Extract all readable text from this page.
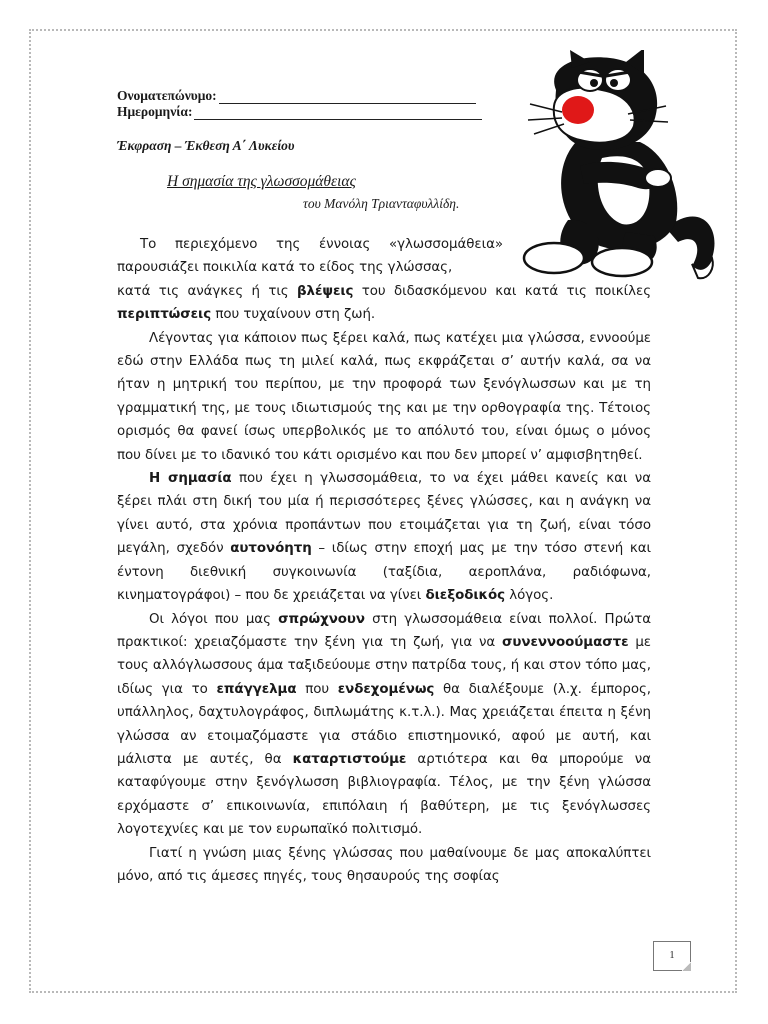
Ονοματεπώνυμο:
Ημερομηνία:
Έκφραση – Έκθεση Α΄ Λυκείου
Η σημασία της γλωσσομάθειας
του Μανόλη Τριανταφυλλίδη.

Το περιεχόμενο της έννοιας «γλωσσομάθεια» παρουσιάζει ποικιλία κατά το είδος της γλώσσας,

κατά τις ανάγκες ή τις βλέψεις του διδασκόμενου και κατά τις ποικίλες περιπτώσεις που τυχαίνουν στη ζωή.

Λέγοντας για κάποιον πως ξέρει καλά, πως κατέχει μια γλώσσα, εννοούμε εδώ στην Ελλάδα πως τη μιλεί καλά, πως εκφράζεται σ’ αυτήν καλά, σα να ήταν η μητρική του περίπου, με την προφορά των ξενόγλωσσων και με τη γραμματική της, με τους ιδιωτισμούς της και με την ορθογραφία της. Τέτοιος ορισμός θα φανεί ίσως υπερβολικός με το απόλυτό του, είναι όμως ο μόνος που δίνει με το ιδανικό του κάτι ορισμένο και που δεν μπορεί ν’ αμφισβητηθεί.

Η σημασία που έχει η γλωσσομάθεια, το να έχει μάθει κανείς και να ξέρει πλάι στη δική του μία ή περισσότερες ξένες γλώσσες, και η ανάγκη να γίνει αυτό, στα χρόνια προπάντων που ετοιμάζεται για τη ζωή, είναι τόσο μεγάλη, σχεδόν αυτονόητη – ιδίως στην εποχή μας με την τόσο στενή και έντονη διεθνική συγκοινωνία (ταξίδια, αεροπλάνα, ραδιόφωνα, κινηματογράφοι) – που δε χρειάζεται να γίνει διεξοδικός λόγος.

Οι λόγοι που μας σπρώχνουν στη γλωσσομάθεια είναι πολλοί. Πρώτα πρακτικοί: χρειαζόμαστε την ξένη για τη ζωή, για να συνεννοούμαστε με τους αλλόγλωσσους άμα ταξιδεύουμε στην πατρίδα τους, ή και στον τόπο μας, ιδίως για το επάγγελμα που ενδεχομένως θα διαλέξουμε (λ.χ. έμπορος, υπάλληλος, δαχτυλογράφος, διπλωμάτης κ.τ.λ.). Μας χρειάζεται έπειτα η ξένη γλώσσα αν ετοιμαζόμαστε για στάδιο επιστημονικό, αφού με αυτή, και μάλιστα με αυτές, θα καταρτιστούμε αρτιότερα και θα μπορούμε να καταφύγουμε στην ξενόγλωσση βιβλιογραφία. Τέλος, με την ξένη γλώσσα ερχόμαστε σ’ επικοινωνία, επιπόλαιη ή βαθύτερη, με τις ξενόγλωσσες λογοτεχνίες και με τον ευρωπαϊκό πολιτισμό.

Γιατί η γνώση μιας ξένης γλώσσας που μαθαίνουμε δε μας αποκαλύπτει μόνο, από τις άμεσες πηγές, τους θησαυρούς της σοφίας

1
